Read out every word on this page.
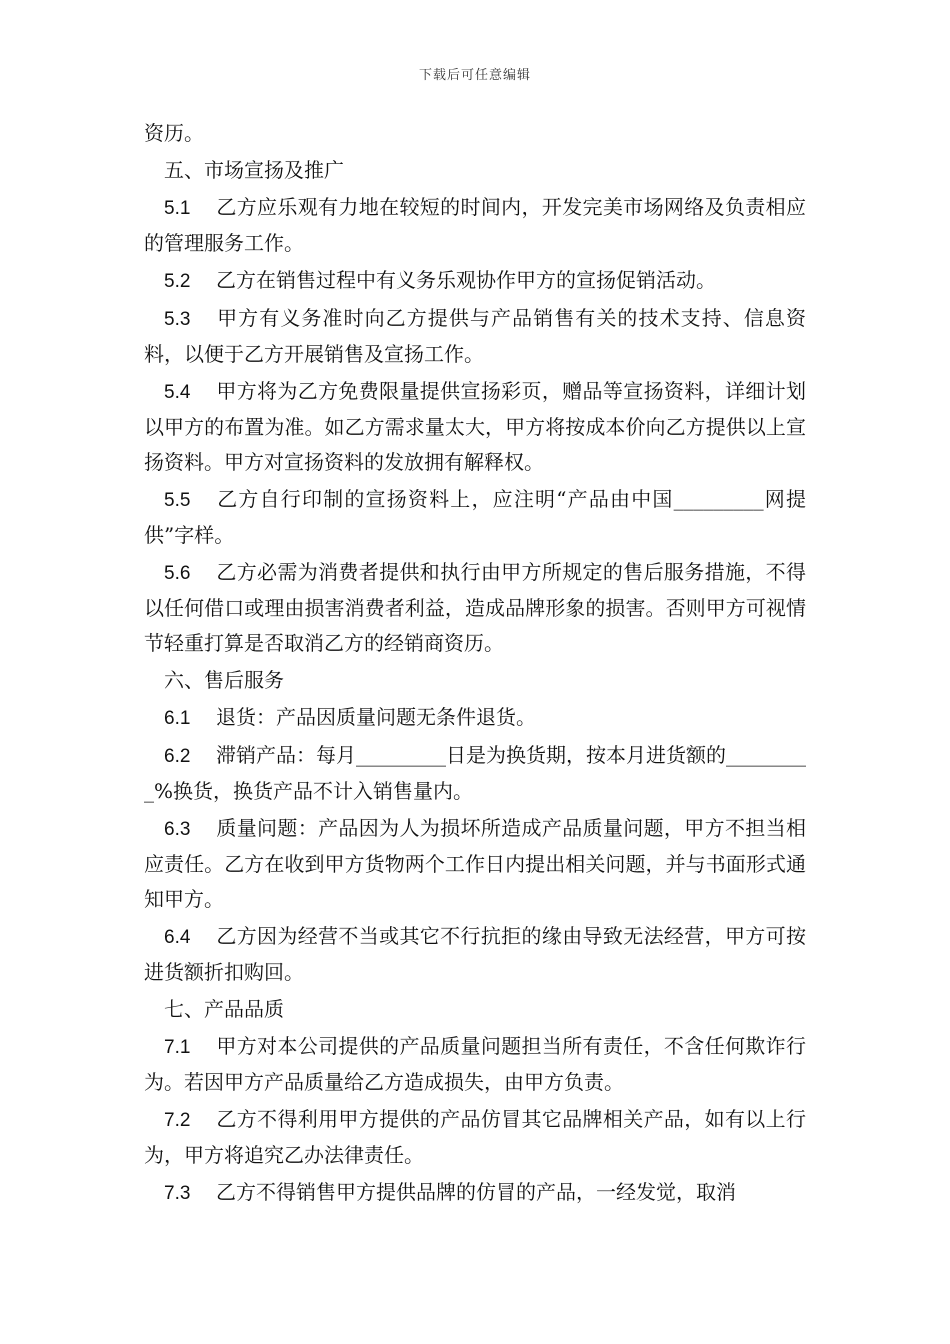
下载后可任意编辑

资历。

五、市场宣扬及推广

5.1 乙方应乐观有力地在较短的时间内，开发完美市场网络及负责相应的管理服务工作。

5.2 乙方在销售过程中有义务乐观协作甲方的宣扬促销活动。

5.3 甲方有义务准时向乙方提供与产品销售有关的技术支持、信息资料，以便于乙方开展销售及宣扬工作。

5.4 甲方将为乙方免费限量提供宣扬彩页，赠品等宣扬资料，详细计划以甲方的布置为准。如乙方需求量太大，甲方将按成本价向乙方提供以上宣扬资料。甲方对宣扬资料的发放拥有解释权。

5.5 乙方自行印制的宣扬资料上，应注明“产品由中国_________网提供”字样。

5.6 乙方必需为消费者提供和执行由甲方所规定的售后服务措施，不得以任何借口或理由损害消费者利益，造成品牌形象的损害。否则甲方可视情节轻重打算是否取消乙方的经销商资历。

六、售后服务

6.1 退货：产品因质量问题无条件退货。

6.2 滞销产品：每月_________日是为换货期，按本月进货额的_________%换货，换货产品不计入销售量内。

6.3 质量问题：产品因为人为损坏所造成产品质量问题，甲方不担当相应责任。乙方在收到甲方货物两个工作日内提出相关问题，并与书面形式通知甲方。

6.4 乙方因为经营不当或其它不行抗拒的缘由导致无法经营，甲方可按进货额折扣购回。

七、产品品质

7.1 甲方对本公司提供的产品质量问题担当所有责任，不含任何欺诈行为。若因甲方产品质量给乙方造成损失，由甲方负责。

7.2 乙方不得利用甲方提供的产品仿冒其它品牌相关产品，如有以上行为，甲方将追究乙办法律责任。

7.3 乙方不得销售甲方提供品牌的仿冒的产品，一经发觉，取消
